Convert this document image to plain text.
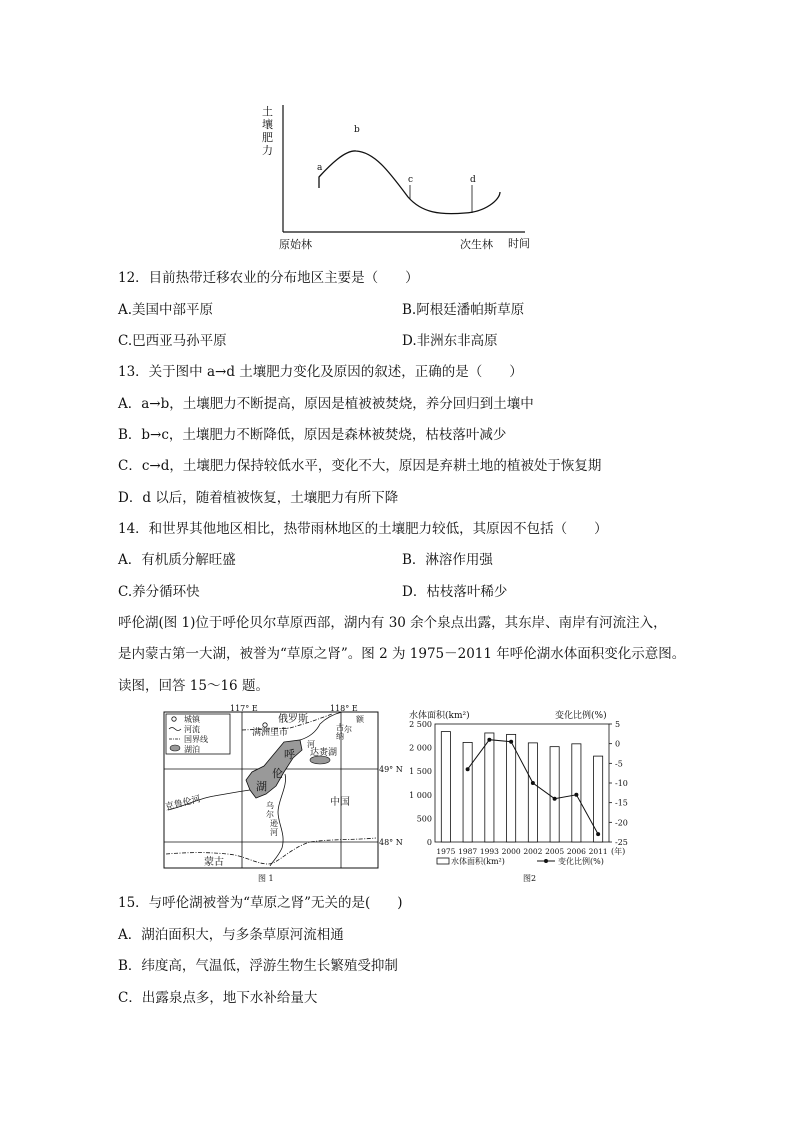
土
壤
肥
力
a
b
c	d
原始林	次生林 时间
12．目前热带迁移农业的分布地区主要是（　　）
A.美国中部平原	B.阿根廷潘帕斯草原
C.巴西亚马孙平原	D.非洲东非高原
13．关于图中 a→d 土壤肥力变化及原因的叙述，正确的是（　　）
A．a→b，土壤肥力不断提高，原因是植被被焚烧，养分回归到土壤中
B．b→c，土壤肥力不断降低，原因是森林被焚烧，枯枝落叶减少
C．c→d，土壤肥力保持较低水平，变化不大，原因是弃耕土地的植被处于恢复期
D．d 以后，随着植被恢复，土壤肥力有所下降
14．和世界其他地区相比，热带雨林地区的土壤肥力较低，其原因不包括（　　）
A．有机质分解旺盛	B．淋溶作用强
C.养分循环快	D．枯枝落叶稀少
呼伦湖(图 1)位于呼伦贝尔草原西部，湖内有 30 余个泉点出露，其东岸、南岸有河流注入，
是内蒙古第一大湖，被誉为“草原之肾”。图 2 为 1975－2011 年呼伦湖水体面积变化示意图。
读图，回答 15～16 题。
117° E	118° E
49° N
48° N
城镇
河流
国界线
湖泊
俄罗斯
满洲里市
呼
伦
湖
额
尔
古
纳
河
达赉湖
克鲁伦河	乌
尔
逊
河
中国
蒙古
图 1
水体面积(km²)	变化比例(%)
0
500
1 000
1 500
2 000
2 500	5
0
-5
-10
-15
-20
-25
1975 1987 1993 2000 2002 2005 2006 2011 (年)
水体面积(km²)	变化比例(%)
图2
15．与呼伦湖被誉为“草原之肾”无关的是(　　)
A．湖泊面积大，与多条草原河流相通
B．纬度高，气温低，浮游生物生长繁殖受抑制
C．出露泉点多，地下水补给量大
